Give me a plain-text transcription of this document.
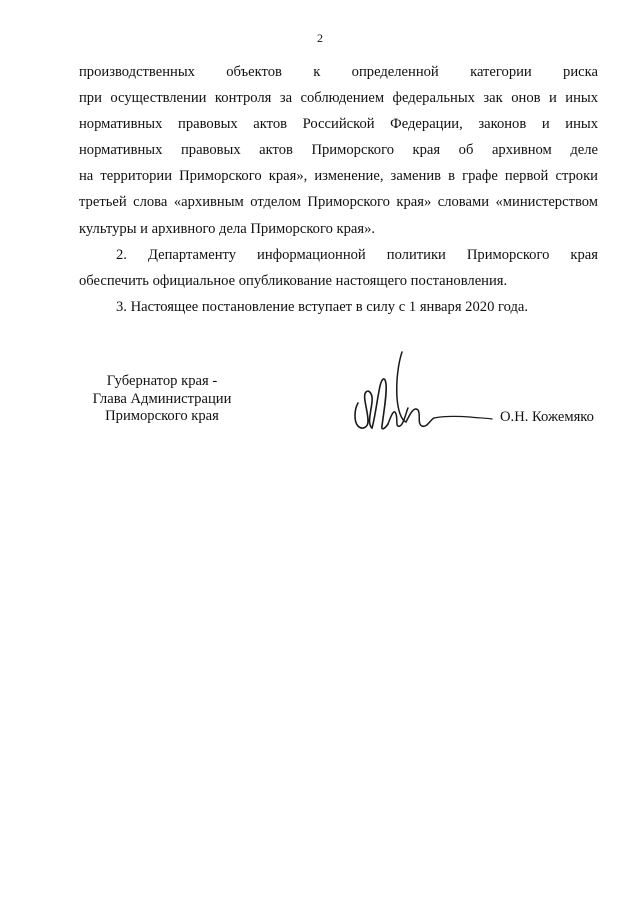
2
производственных объектов к определенной категории риска
при осуществлении контроля за соблюдением федеральных зак онов и иных
нормативных правовых актов Российской Федерации, законов и иных
нормативных правовых актов Приморского края об архивном деле
на территории Приморского края», изменение, заменив в графе первой строки
третьей слова «архивным отделом Приморского края» словами «министерством
культуры и архивного дела Приморского края».
2. Департаменту информационной политики Приморского края
обеспечить официальное опубликование настоящего постановления.
3. Настоящее постановление вступает в силу с 1 января 2020 года.
Губернатор края -
Глава Администрации
Приморского края	О.Н. Кожемяко
